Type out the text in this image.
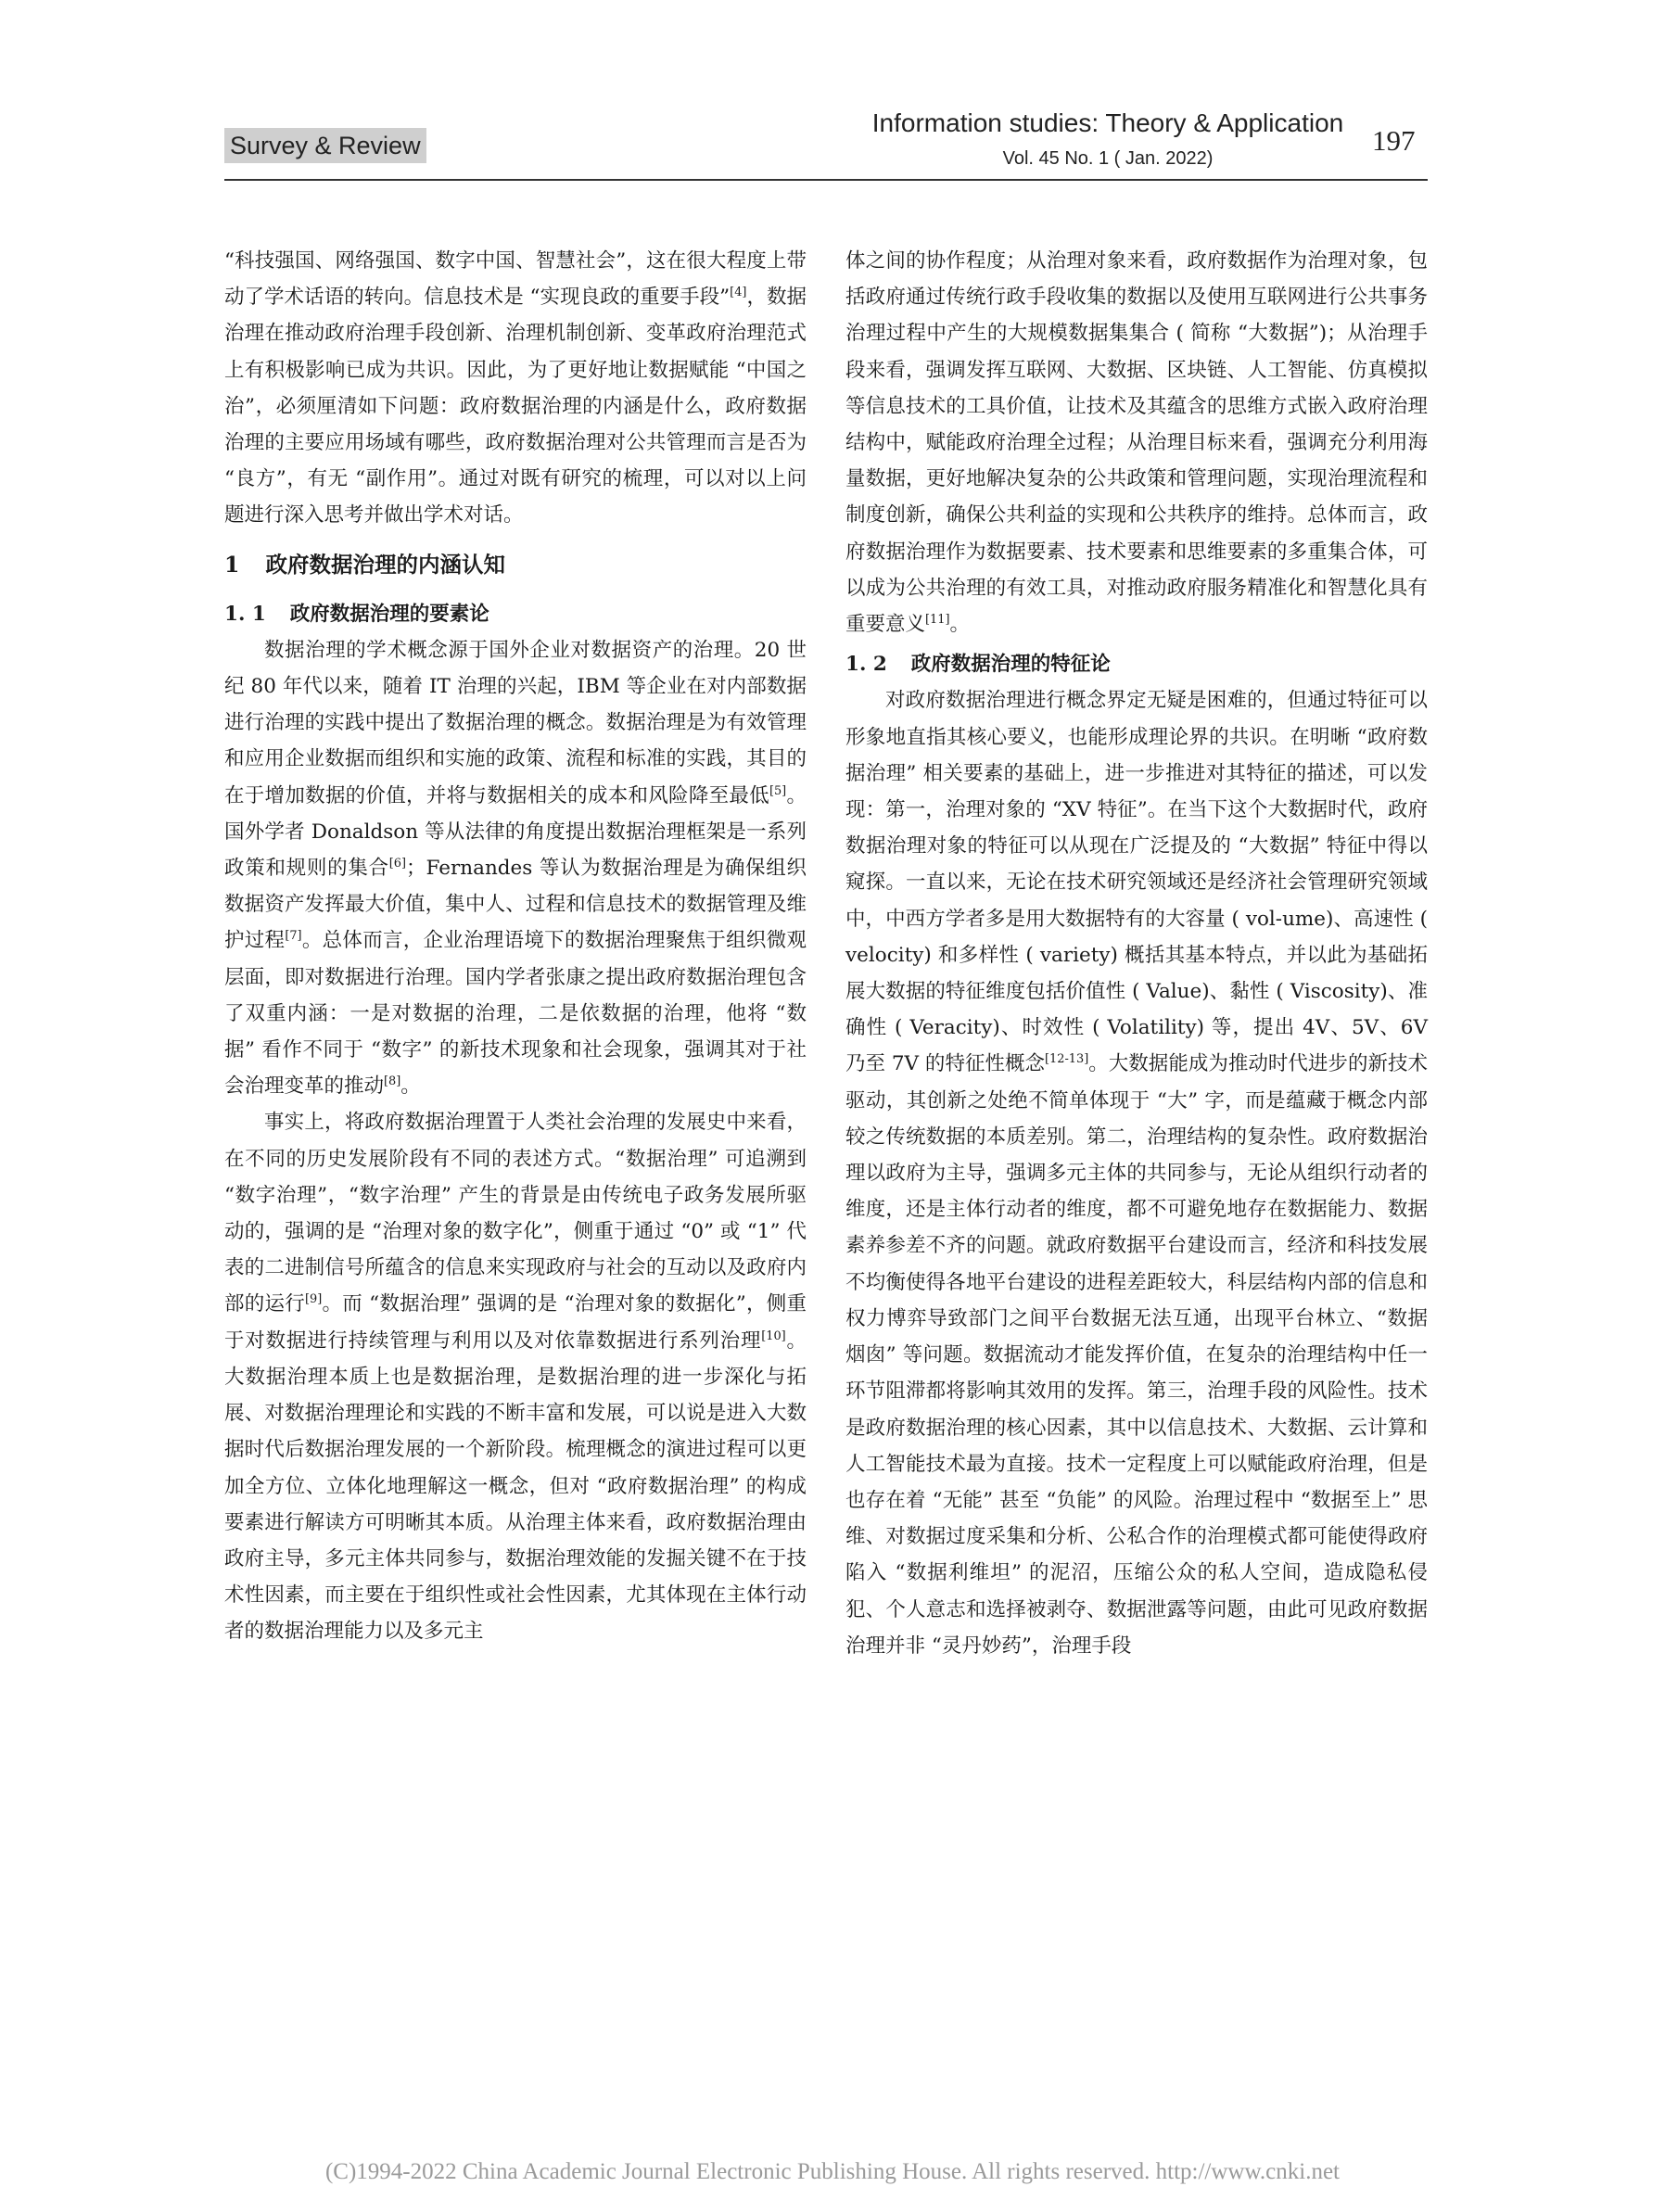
Survey & Review
Information studies: Theory & Application
Vol. 45 No. 1 ( Jan. 2022)
197

“科技强国、网络强国、数字中国、智慧社会”，这在很大程度上带动了学术话语的转向。信息技术是 “实现良政的重要手段”[4]，数据治理在推动政府治理手段创新、治理机制创新、变革政府治理范式上有积极影响已成为共识。因此，为了更好地让数据赋能 “中国之治”，必须厘清如下问题：政府数据治理的内涵是什么，政府数据治理的主要应用场域有哪些，政府数据治理对公共管理而言是否为 “良方”，有无 “副作用”。通过对既有研究的梳理，可以对以上问题进行深入思考并做出学术对话。

1 政府数据治理的内涵认知
1. 1 政府数据治理的要素论

数据治理的学术概念源于国外企业对数据资产的治理。20 世纪 80 年代以来，随着 IT 治理的兴起，IBM 等企业在对内部数据进行治理的实践中提出了数据治理的概念。数据治理是为有效管理和应用企业数据而组织和实施的政策、流程和标准的实践，其目的在于增加数据的价值，并将与数据相关的成本和风险降至最低[5]。国外学者 Donaldson 等从法律的角度提出数据治理框架是一系列政策和规则的集合[6]；Fernandes 等认为数据治理是为确保组织数据资产发挥最大价值，集中人、过程和信息技术的数据管理及维护过程[7]。总体而言，企业治理语境下的数据治理聚焦于组织微观层面，即对数据进行治理。国内学者张康之提出政府数据治理包含了双重内涵：一是对数据的治理，二是依数据的治理，他将 “数据” 看作不同于 “数字” 的新技术现象和社会现象，强调其对于社会治理变革的推动[8]。

事实上，将政府数据治理置于人类社会治理的发展史中来看，在不同的历史发展阶段有不同的表述方式。“数据治理” 可追溯到 “数字治理”，“数字治理” 产生的背景是由传统电子政务发展所驱动的，强调的是 “治理对象的数字化”，侧重于通过 “0” 或 “1” 代表的二进制信号所蕴含的信息来实现政府与社会的互动以及政府内部的运行[9]。而 “数据治理” 强调的是 “治理对象的数据化”，侧重于对数据进行持续管理与利用以及对依靠数据进行系列治理[10]。大数据治理本质上也是数据治理，是数据治理的进一步深化与拓展、对数据治理理论和实践的不断丰富和发展，可以说是进入大数据时代后数据治理发展的一个新阶段。梳理概念的演进过程可以更加全方位、立体化地理解这一概念，但对 “政府数据治理” 的构成要素进行解读方可明晰其本质。从治理主体来看，政府数据治理由政府主导，多元主体共同参与，数据治理效能的发掘关键不在于技术性因素，而主要在于组织性或社会性因素，尤其体现在主体行动者的数据治理能力以及多元主

体之间的协作程度；从治理对象来看，政府数据作为治理对象，包括政府通过传统行政手段收集的数据以及使用互联网进行公共事务治理过程中产生的大规模数据集集合 ( 简称 “大数据”)；从治理手段来看，强调发挥互联网、大数据、区块链、人工智能、仿真模拟等信息技术的工具价值，让技术及其蕴含的思维方式嵌入政府治理结构中，赋能政府治理全过程；从治理目标来看，强调充分利用海量数据，更好地解决复杂的公共政策和管理问题，实现治理流程和制度创新，确保公共利益的实现和公共秩序的维持。总体而言，政府数据治理作为数据要素、技术要素和思维要素的多重集合体，可以成为公共治理的有效工具，对推动政府服务精准化和智慧化具有重要意义[11]。

1. 2 政府数据治理的特征论

对政府数据治理进行概念界定无疑是困难的，但通过特征可以形象地直指其核心要义，也能形成理论界的共识。在明晰 “政府数据治理” 相关要素的基础上，进一步推进对其特征的描述，可以发现：第一，治理对象的 “XV 特征”。在当下这个大数据时代，政府数据治理对象的特征可以从现在广泛提及的 “大数据” 特征中得以窥探。一直以来，无论在技术研究领域还是经济社会管理研究领域中，中西方学者多是用大数据特有的大容量 ( vol-ume)、高速性 ( velocity) 和多样性 ( variety) 概括其基本特点，并以此为基础拓展大数据的特征维度包括价值性 ( Value)、黏性 ( Viscosity)、准确性 ( Veracity)、时效性 ( Volatility) 等，提出 4V、5V、6V 乃至 7V 的特征性概念[12-13]。大数据能成为推动时代进步的新技术驱动，其创新之处绝不简单体现于 “大” 字，而是蕴藏于概念内部较之传统数据的本质差别。第二，治理结构的复杂性。政府数据治理以政府为主导，强调多元主体的共同参与，无论从组织行动者的维度，还是主体行动者的维度，都不可避免地存在数据能力、数据素养参差不齐的问题。就政府数据平台建设而言，经济和科技发展不均衡使得各地平台建设的进程差距较大，科层结构内部的信息和权力博弈导致部门之间平台数据无法互通，出现平台林立、“数据烟囱” 等问题。数据流动才能发挥价值，在复杂的治理结构中任一环节阻滞都将影响其效用的发挥。第三，治理手段的风险性。技术是政府数据治理的核心因素，其中以信息技术、大数据、云计算和人工智能技术最为直接。技术一定程度上可以赋能政府治理，但是也存在着 “无能” 甚至 “负能” 的风险。治理过程中 “数据至上” 思维、对数据过度采集和分析、公私合作的治理模式都可能使得政府陷入 “数据利维坦” 的泥沼，压缩公众的私人空间，造成隐私侵犯、个人意志和选择被剥夺、数据泄露等问题，由此可见政府数据治理并非 “灵丹妙药”，治理手段

(C)1994-2022 China Academic Journal Electronic Publishing House. All rights reserved. http://www.cnki.net
